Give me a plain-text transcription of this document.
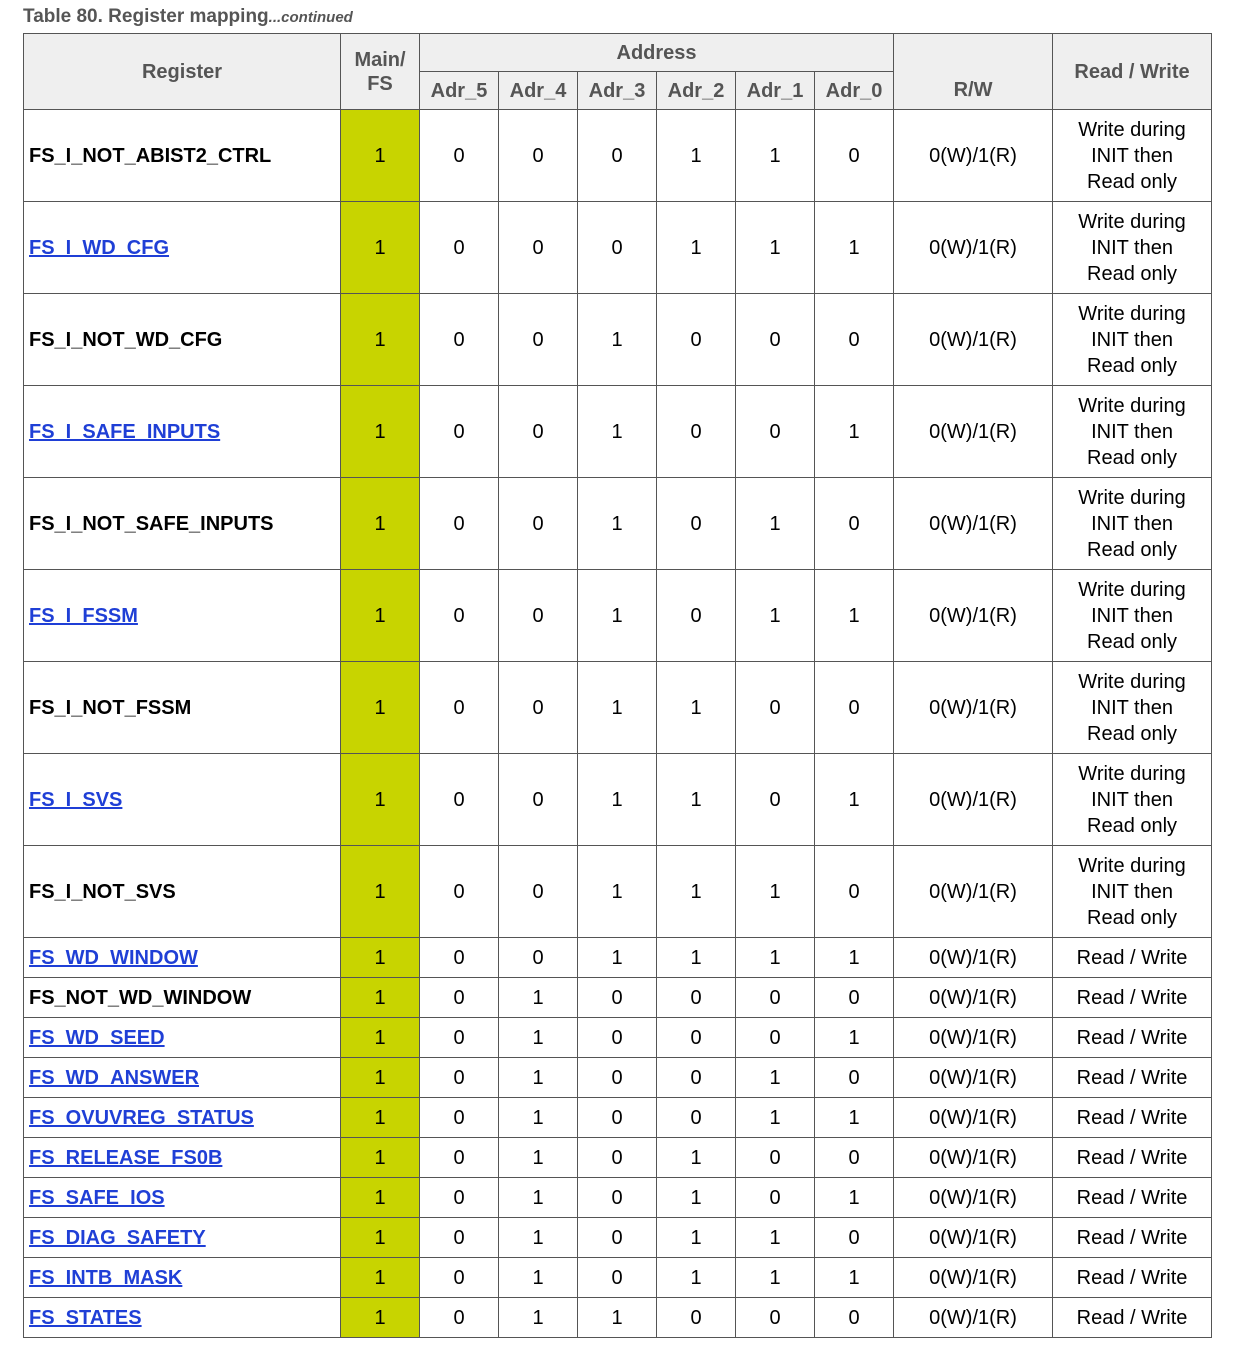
Table 80. Register mapping...continued
Register	Main/
FS	Address						R/W	Read / Write
		Adr_5	Adr_4	Adr_3	Adr_2	Adr_1	Adr_0		
FS_I_NOT_ABIST2_CTRL	1	0	0	0	1	1	0	0(W)/1(R)	Write during
INIT then
Read only
FS_I_WD_CFG	1	0	0	0	1	1	1	0(W)/1(R)	Write during
INIT then
Read only
FS_I_NOT_WD_CFG	1	0	0	1	0	0	0	0(W)/1(R)	Write during
INIT then
Read only
FS_I_SAFE_INPUTS	1	0	0	1	0	0	1	0(W)/1(R)	Write during
INIT then
Read only
FS_I_NOT_SAFE_INPUTS	1	0	0	1	0	1	0	0(W)/1(R)	Write during
INIT then
Read only
FS_I_FSSM	1	0	0	1	0	1	1	0(W)/1(R)	Write during
INIT then
Read only
FS_I_NOT_FSSM	1	0	0	1	1	0	0	0(W)/1(R)	Write during
INIT then
Read only
FS_I_SVS	1	0	0	1	1	0	1	0(W)/1(R)	Write during
INIT then
Read only
FS_I_NOT_SVS	1	0	0	1	1	1	0	0(W)/1(R)	Write during
INIT then
Read only
FS_WD_WINDOW	1	0	0	1	1	1	1	0(W)/1(R)	Read / Write
FS_NOT_WD_WINDOW	1	0	1	0	0	0	0	0(W)/1(R)	Read / Write
FS_WD_SEED	1	0	1	0	0	0	1	0(W)/1(R)	Read / Write
FS_WD_ANSWER	1	0	1	0	0	1	0	0(W)/1(R)	Read / Write
FS_OVUVREG_STATUS	1	0	1	0	0	1	1	0(W)/1(R)	Read / Write
FS_RELEASE_FS0B	1	0	1	0	1	0	0	0(W)/1(R)	Read / Write
FS_SAFE_IOS	1	0	1	0	1	0	1	0(W)/1(R)	Read / Write
FS_DIAG_SAFETY	1	0	1	0	1	1	0	0(W)/1(R)	Read / Write
FS_INTB_MASK	1	0	1	0	1	1	1	0(W)/1(R)	Read / Write
FS_STATES	1	0	1	1	0	0	0	0(W)/1(R)	Read / Write
